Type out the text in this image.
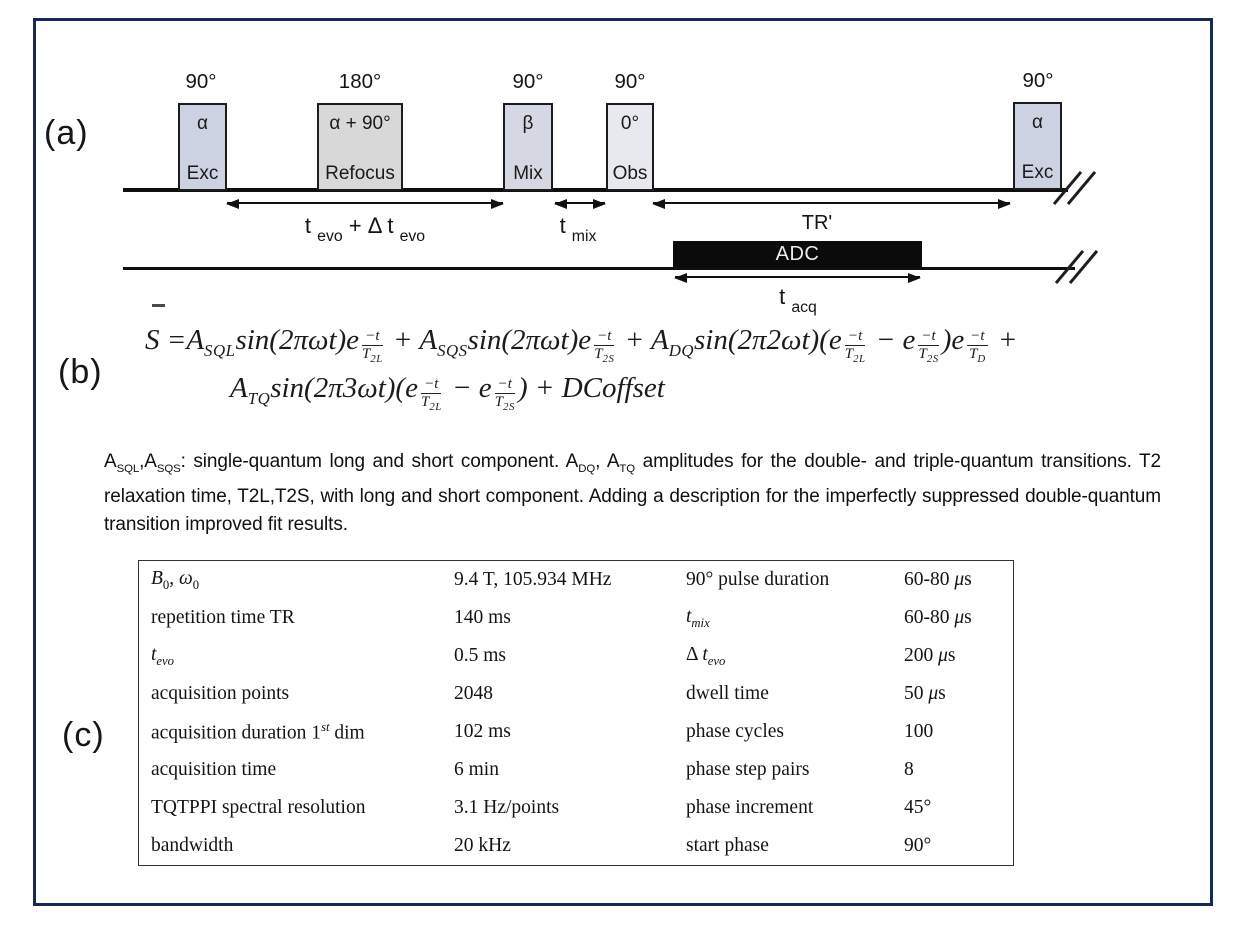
(a)
(b)
(c)
90°	180°	90°	90°	90°
α
Exc
α + 90°
Refocus
β
Mix
0°
Obs
α
Exc
t $_{evo}$ + Δ t $_{evo}$	t $_{mix}$
TR'
ADC
t $_{acq}$
$S =A_{SQL}\sin(2\pi\omega t)e \frac{-t}{T_{2L}} + A_{SQS}\sin(2\pi\omega t)e \frac{-t}{T_{2S}} + A_{DQ}\sin(2\pi 2\omega t)(e \frac{-t}{T_{2L}} - e \frac{-t}{T_{2S}} )e \frac{-t}{T_D}$ +
$A_{TQ}\sin(2\pi 3\omega t)(e \frac{-t}{T_{2L}} - e \frac{-t}{T_{2S}}$ ) + DCoffset
$A_{SQL},A_{SQS}$: single-quantum long and short component. $A_{DQ}$, $A_{TQ}$ amplitudes for the double- and triple-quantum transitions. T2 relaxation time, T2L,T2S, with long and short component. Adding a description for the imperfectly suppressed double-quantum transition improved fit results.
$B_0$, $\omega_0$	9.4 T, 105.934 MHz	90° pulse duration	60-80 μs
repetition time TR	140 ms	$t_{mix}$	60-80 μs
$t_{evo}$	0.5 ms	Δ $t_{evo}$	200 μs
acquisition points	2048	dwell time	50 μs
acquisition duration 1st dim	102 ms	phase cycles	100
acquisition time	6 min	phase step pairs	8
TQTPPI spectral resolution	3.1 Hz/points	phase increment	45°
bandwidth	20 kHz	start phase	90°
